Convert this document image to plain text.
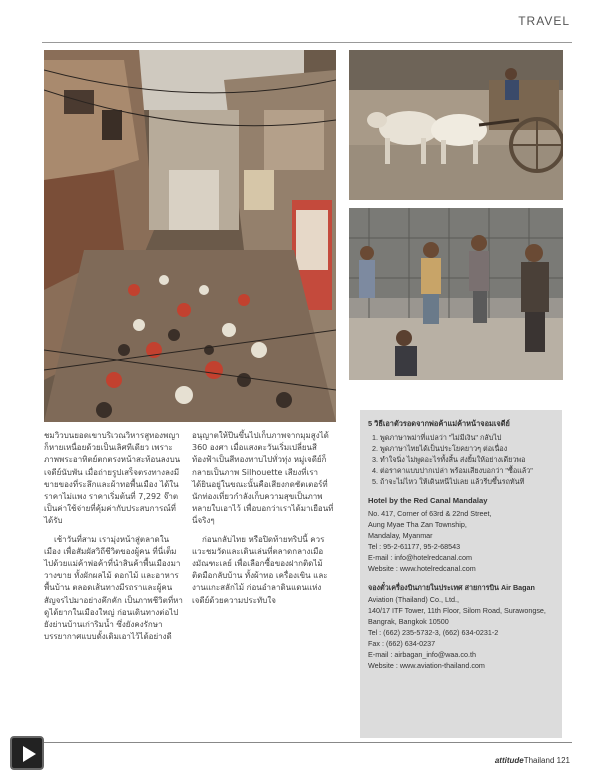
TRAVEL

ชมวิวบนยอดเขาบริเวณวิหารสูทองพญา ก็หายเหนื่อยด้วยเป็นเลิศทีเดียว เพราะภาพพระอาทิตย์ตกตรงหน้าสะท้อนลงบนเจดีย์นับพัน เมื่อถ่ายรูปเสร็จตรงทางลงมีขายของที่ระลึกและผ้าทอพื้นเมือง ได้ในราคาไม่แพง ราคาเริ่มต้นที่ 7,292 จ๊าต เป็นค่าใช้จ่ายที่คุ้มค่ากับประสบการณ์ที่ได้รับ

เช้าวันที่สาม เรามุ่งหน้าสู่ตลาดในเมือง เพื่อสัมผัสวิถีชีวิตของผู้คน ที่นี่เต็มไปด้วยแม่ค้าพ่อค้าที่นำสินค้าพื้นเมืองมาวางขาย ทั้งผักผลไม้ ดอกไม้ และอาหารพื้นบ้าน ตลอดเส้นทางมีรถราและผู้คนสัญจรไปมาอย่างคึกคัก เป็นภาพชีวิตที่หาดูได้ยากในเมืองใหญ่ ก่อนเดินทางต่อไปยังย่านบ้านเก่าริมน้ำ ซึ่งยังคงรักษาบรรยากาศแบบดั้งเดิมเอาไว้ได้อย่างดี

อนุญาตให้ปีนขึ้นไปเก็บภาพจากมุมสูงได้ 360 องศา เมื่อแสงตะวันเริ่มเปลี่ยนสีท้องฟ้าเป็นสีทองทาบไปทั่วทุ่ง หมู่เจดีย์ก็กลายเป็นภาพ Silhouette เสียงที่เราได้ยินอยู่ในขณะนั้นคือเสียงกดชัตเตอร์ที่นักท่องเที่ยวกำลังเก็บความสุขเป็นภาพหลายใบเอาไว้ เพื่อบอกว่าเราได้มาเยือนที่นี่จริงๆ

ก่อนกลับไทย หรือปิดท้ายทริปนี้ ควรแวะชมวัดและเดินเล่นที่ตลาดกลางเมืองมัณฑะเลย์ เพื่อเลือกซื้อของฝากติดไม้ติดมือกลับบ้าน ทั้งผ้าทอ เครื่องเขิน และงานแกะสลักไม้ ก่อนอำลาดินแดนแห่งเจดีย์ด้วยความประทับใจ

5 วิธีเอาตัวรอดจากพ่อค้าแม่ค้าหน้าจอมเจดีย์
1. พูดภาษาพม่าที่แปลว่า "ไม่มีเงิน" กลับไป
2. พูดภาษาไทยได้เป็นประโยคยาวๆ ต่อเนื่อง
3. ทำใจนิ่ง ไม่พูดอะไรทั้งสิ้น ส่งยิ้มให้อย่างเดียวพอ
4. ต่อราคาแบบปากเปล่า พร้อมเสียงบอกว่า "ซื้อแล้ว"
5. ถ้าจะไม่ไหว ให้เดินหนีไปเลย แล้วรีบขึ้นรถทันที
Hotel by the Red Canal Mandalay
No. 417, Corner of 63rd & 22nd Street,
Aung Myae Tha Zan Township,
Mandalay, Myanmar
Tel : 95-2-61177, 95-2-68543
E-mail : info@hotelredcanal.com
Website : www.hotelredcanal.com
จองตั๋วเครื่องบินภายในประเทศ สายการบิน Air Bagan
Aviation (Thailand) Co., Ltd.,
140/17 ITF Tower, 11th Floor, Silom Road, Surawongse,
Bangrak, Bangkok 10500
Tel : (662) 235-5732-3, (662) 634-0231-2
Fax : (662) 634-0237
E-mail : airbagan_info@waa.co.th
Website : www.aviation-thailand.com
attitudeThailand 121
